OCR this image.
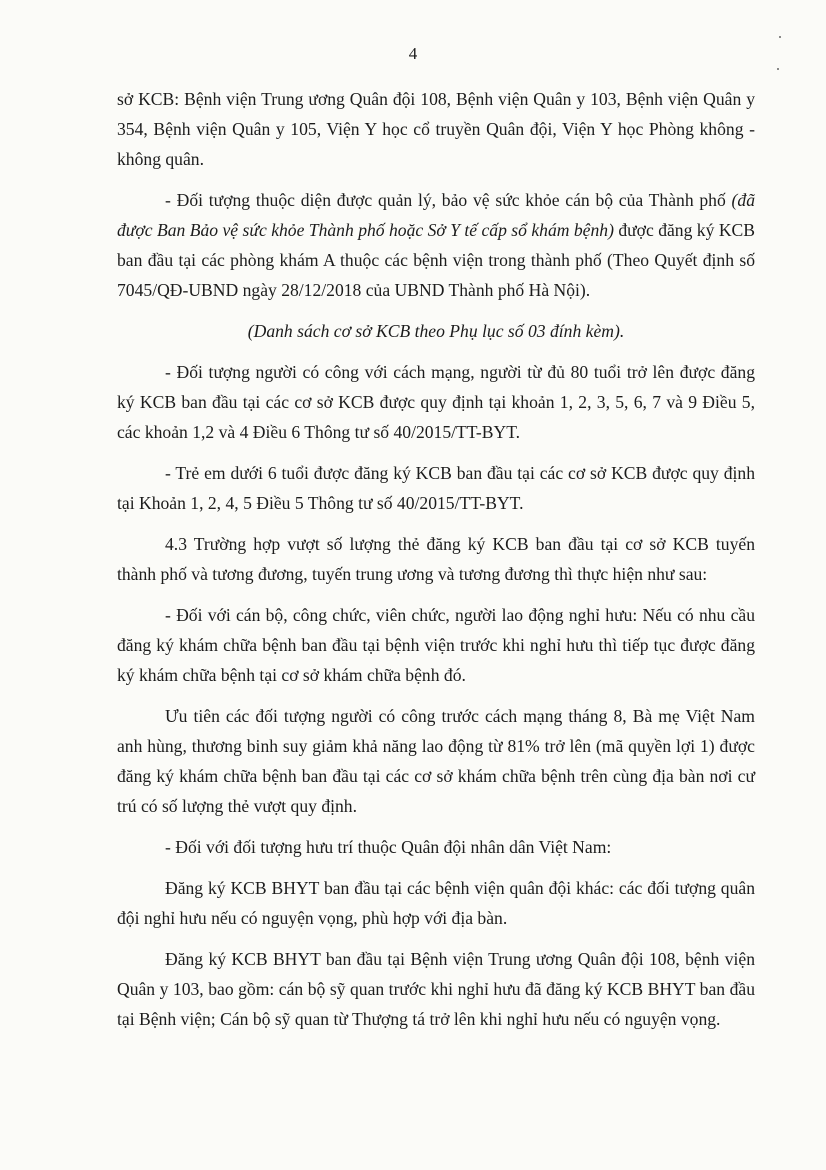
4

sở KCB: Bệnh viện Trung ương Quân đội 108, Bệnh viện Quân y 103, Bệnh viện Quân y 354, Bệnh viện Quân y 105, Viện Y học cổ truyền Quân đội, Viện Y học Phòng không - không quân.

- Đối tượng thuộc diện được quản lý, bảo vệ sức khỏe cán bộ của Thành phố (đã được Ban Bảo vệ sức khỏe Thành phố hoặc Sở Y tế cấp sổ khám bệnh) được đăng ký KCB ban đầu tại các phòng khám A thuộc các bệnh viện trong thành phố (Theo Quyết định số 7045/QĐ-UBND ngày 28/12/2018 của UBND Thành phố Hà Nội).

(Danh sách cơ sở KCB theo Phụ lục số 03 đính kèm).

- Đối tượng người có công với cách mạng, người từ đủ 80 tuổi trở lên được đăng ký KCB ban đầu tại các cơ sở KCB được quy định tại khoản 1, 2, 3, 5, 6, 7 và 9 Điều 5, các khoản 1,2 và 4 Điều 6 Thông tư số 40/2015/TT-BYT.

- Trẻ em dưới 6 tuổi được đăng ký KCB ban đầu tại các cơ sở KCB được quy định tại Khoản 1, 2, 4, 5 Điều 5 Thông tư số 40/2015/TT-BYT.

4.3 Trường hợp vượt số lượng thẻ đăng ký KCB ban đầu tại cơ sở KCB tuyến thành phố và tương đương, tuyến trung ương và tương đương thì thực hiện như sau:

- Đối với cán bộ, công chức, viên chức, người lao động nghỉ hưu: Nếu có nhu cầu đăng ký khám chữa bệnh ban đầu tại bệnh viện trước khi nghỉ hưu thì tiếp tục được đăng ký khám chữa bệnh tại cơ sở khám chữa bệnh đó.

Ưu tiên các đối tượng người có công trước cách mạng tháng 8, Bà mẹ Việt Nam anh hùng, thương binh suy giảm khả năng lao động từ 81% trở lên (mã quyền lợi 1) được đăng ký khám chữa bệnh ban đầu tại các cơ sở khám chữa bệnh trên cùng địa bàn nơi cư trú có số lượng thẻ vượt quy định.

- Đối với đối tượng hưu trí thuộc Quân đội nhân dân Việt Nam:

Đăng ký KCB BHYT ban đầu tại các bệnh viện quân đội khác: các đối tượng quân đội nghỉ hưu nếu có nguyện vọng, phù hợp với địa bàn.

Đăng ký KCB BHYT ban đầu tại Bệnh viện Trung ương Quân đội 108, bệnh viện Quân y 103, bao gồm: cán bộ sỹ quan trước khi nghỉ hưu đã đăng ký KCB BHYT ban đầu tại Bệnh viện; Cán bộ sỹ quan từ Thượng tá trở lên khi nghỉ hưu nếu có nguyện vọng.
